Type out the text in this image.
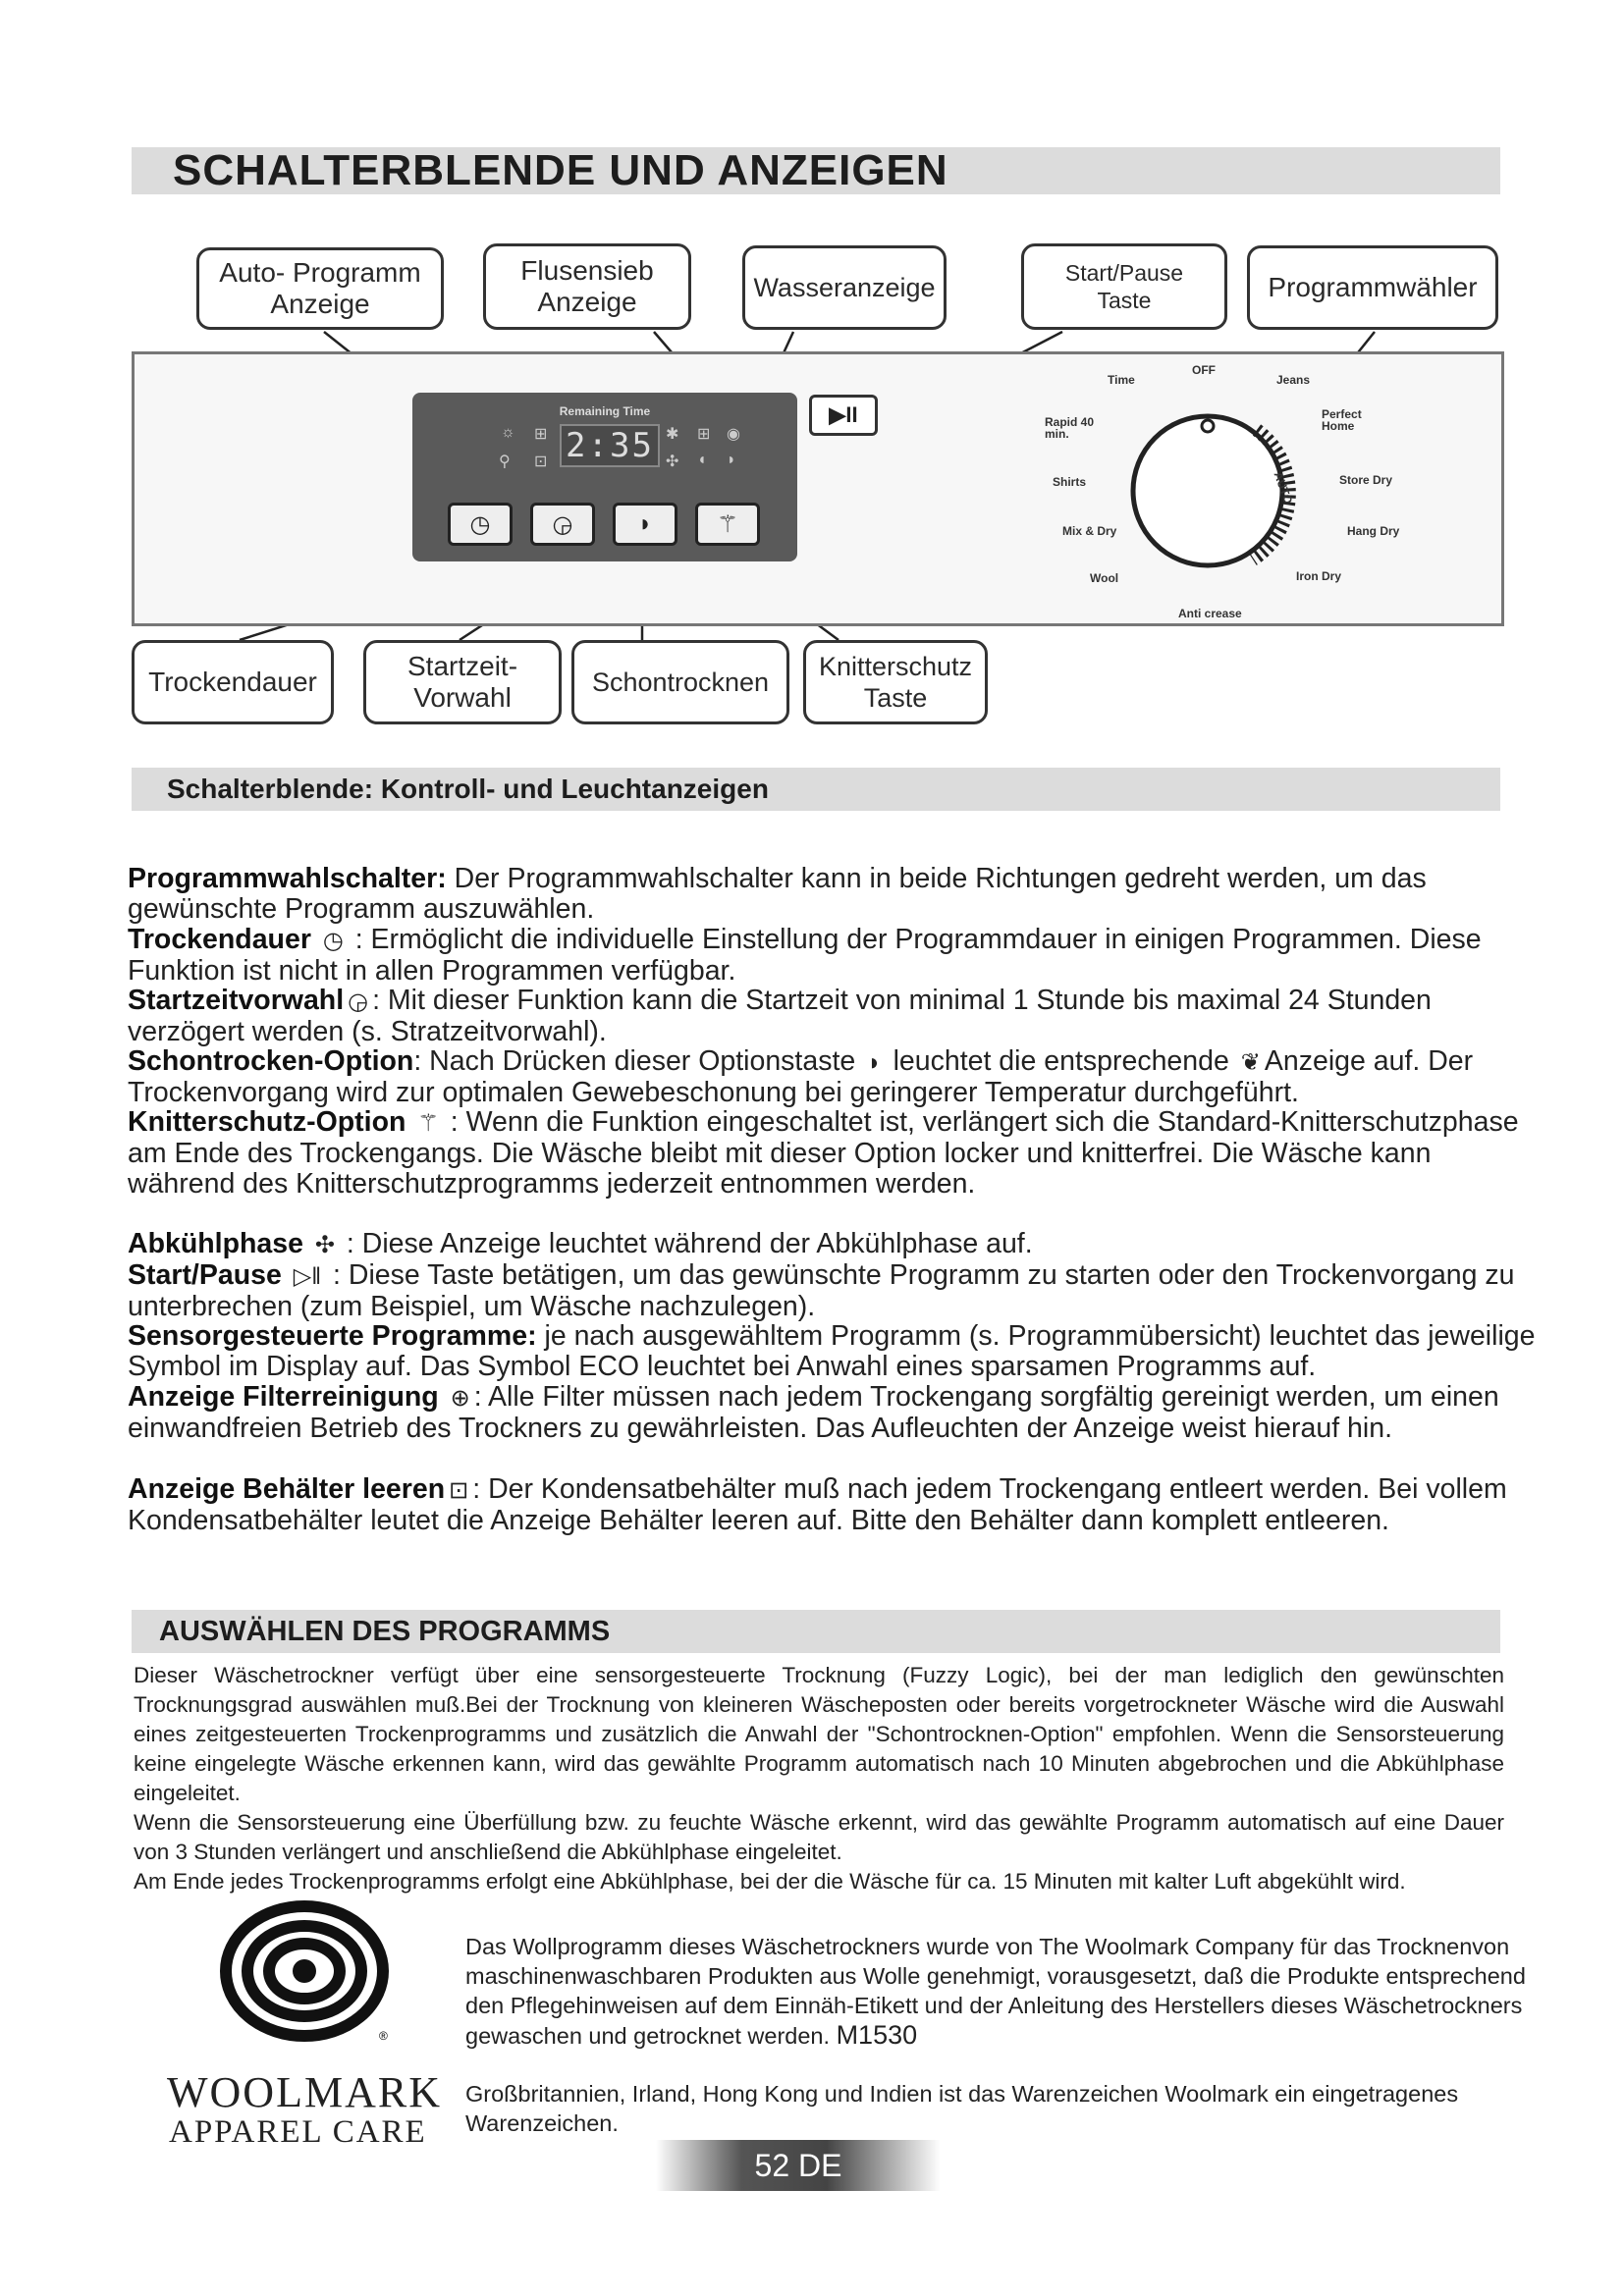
SCHALTERBLENDE UND ANZEIGEN
Auto- Programm Anzeige
Flusensieb Anzeige	Wasseranzeige	Start/Pause Taste	Programmwähler
Remaining Time
2:35
☼ ⊞
⚲ ⊡
✱ ⊞ ◉
✣ ◖ ◗
◷	◶	◗	⚚
▶II
Time
OFF
Jeans
Perfect Home
Rapid 40 min.
Store Dry
Shirts
Hang Dry
Mix & Dry
Wool	Iron Dry
Anti crease
AUTO
Trockendauer
Startzeit- Vorwahl	Schontrocknen
Knitterschutz Taste
Schalterblende: Kontroll- und Leuchtanzeigen
Programmwahlschalter: Der Programmwahlschalter kann in beide Richtungen gedreht werden, um das gewünschte Programm auszuwählen.
Trockendauer ◷ : Ermöglicht die individuelle Einstellung der Programmdauer in einigen Programmen. Diese Funktion ist nicht in allen Programmen verfügbar.
Startzeitvorwahl ◶ : Mit dieser Funktion kann die Startzeit von minimal 1 Stunde bis maximal 24 Stunden verzögert werden (s. Stratzeitvorwahl).
Schontrocken-Option: Nach Drücken dieser Optionstaste ◗ leuchtet die entsprechende ❦ Anzeige auf. Der Trockenvorgang wird zur optimalen Gewebeschonung bei geringerer Temperatur durchgeführt.
Knitterschutz-Option ⚚ : Wenn die Funktion eingeschaltet ist, verlängert sich die Standard-Knitterschutzphase am Ende des Trockengangs. Die Wäsche bleibt mit dieser Option locker und knitterfrei. Die Wäsche kann während des Knitterschutzprogramms jederzeit entnommen werden.
Abkühlphase ✣ : Diese Anzeige leuchtet während der Abkühlphase auf.
Start/Pause ▷‖ : Diese Taste betätigen, um das gewünschte Programm zu starten oder den Trockenvorgang zu unterbrechen (zum Beispiel, um Wäsche nachzulegen).
Sensorgesteuerte Programme: je nach ausgewähltem Programm (s. Programmübersicht) leuchtet das jeweilige Symbol im Display auf. Das Symbol ECO leuchtet bei Anwahl eines sparsamen Programms auf.
Anzeige Filterreinigung ⊕ : Alle Filter müssen nach jedem Trockengang sorgfältig gereinigt werden, um einen einwandfreien Betrieb des Trockners zu gewährleisten. Das Aufleuchten der Anzeige weist hierauf hin.
Anzeige Behälter leeren ⊡ : Der Kondensatbehälter muß nach jedem Trockengang entleert werden. Bei vollem Kondensatbehälter leutet die Anzeige Behälter leeren auf. Bitte den Behälter dann komplett entleeren.
AUSWÄHLEN DES PROGRAMMS
Dieser Wäschetrockner verfügt über eine sensorgesteuerte Trocknung (Fuzzy Logic), bei der man lediglich den gewünschten Trocknungsgrad auswählen muß.Bei der Trocknung von kleineren Wäscheposten oder bereits vorgetrockneter Wäsche wird die Auswahl eines zeitgesteuerten Trockenprogramms und zusätzlich die Anwahl der "Schontrocknen-Option" empfohlen. Wenn die Sensorsteuerung keine eingelegte Wäsche erkennen kann, wird das gewählte Programm automatisch nach 10 Minuten abgebrochen und die Abkühlphase eingeleitet.
Wenn die Sensorsteuerung eine Überfüllung bzw. zu feuchte Wäsche erkennt, wird das gewählte Programm automatisch auf eine Dauer von 3 Stunden verlängert und anschließend die Abkühlphase eingeleitet.
Am Ende jedes Trockenprogramms erfolgt eine Abkühlphase, bei der die Wäsche für ca. 15 Minuten mit kalter Luft abgekühlt wird.
®
WOOLMARK
APPAREL CARE
Das Wollprogramm dieses Wäschetrockners wurde von The Woolmark Company für das Trocknenvon maschinenwaschbaren Produkten aus Wolle genehmigt, vorausgesetzt, daß die Produkte entsprechend den Pflegehinweisen auf dem Einnäh-Etikett und der Anleitung des Herstellers dieses Wäschetrockners gewaschen und getrocknet werden. M1530
Großbritannien, Irland, Hong Kong und Indien ist das Warenzeichen Woolmark ein eingetragenes Warenzeichen.
52 DE
